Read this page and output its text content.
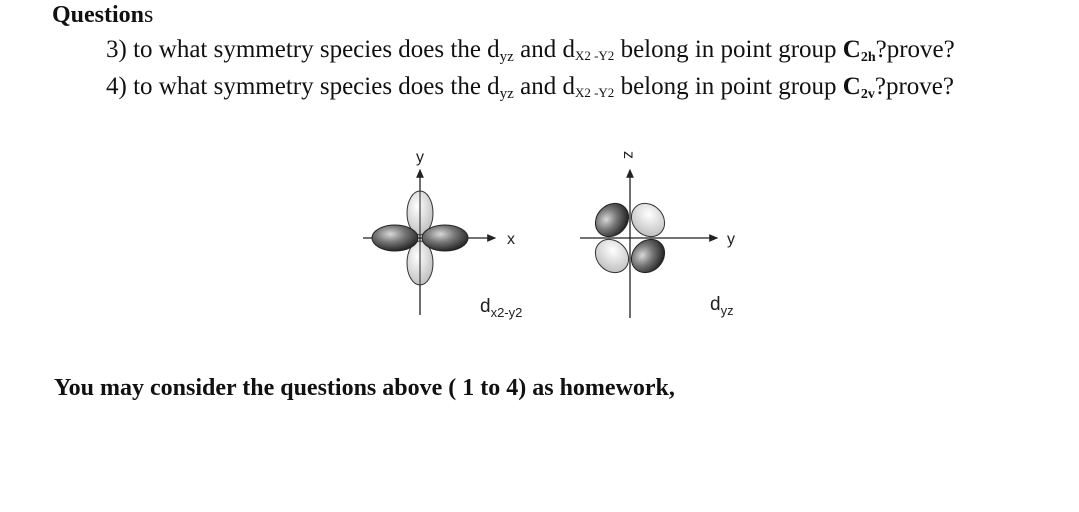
Questions
3) to what symmetry species does the $d_{yz}$ and $d_{X2 -Y2}$ belong in point group $C_{2h}?prove$?
4) to what symmetry species does the $d_{yz}$ and $d_{X2 -Y2}$ belong in point group $C_{2v}?prove$?
y
x
$d_{x2-y2}$
z
y
$d_{yz}$
You may consider the questions above ( 1 to 4) as homework,
